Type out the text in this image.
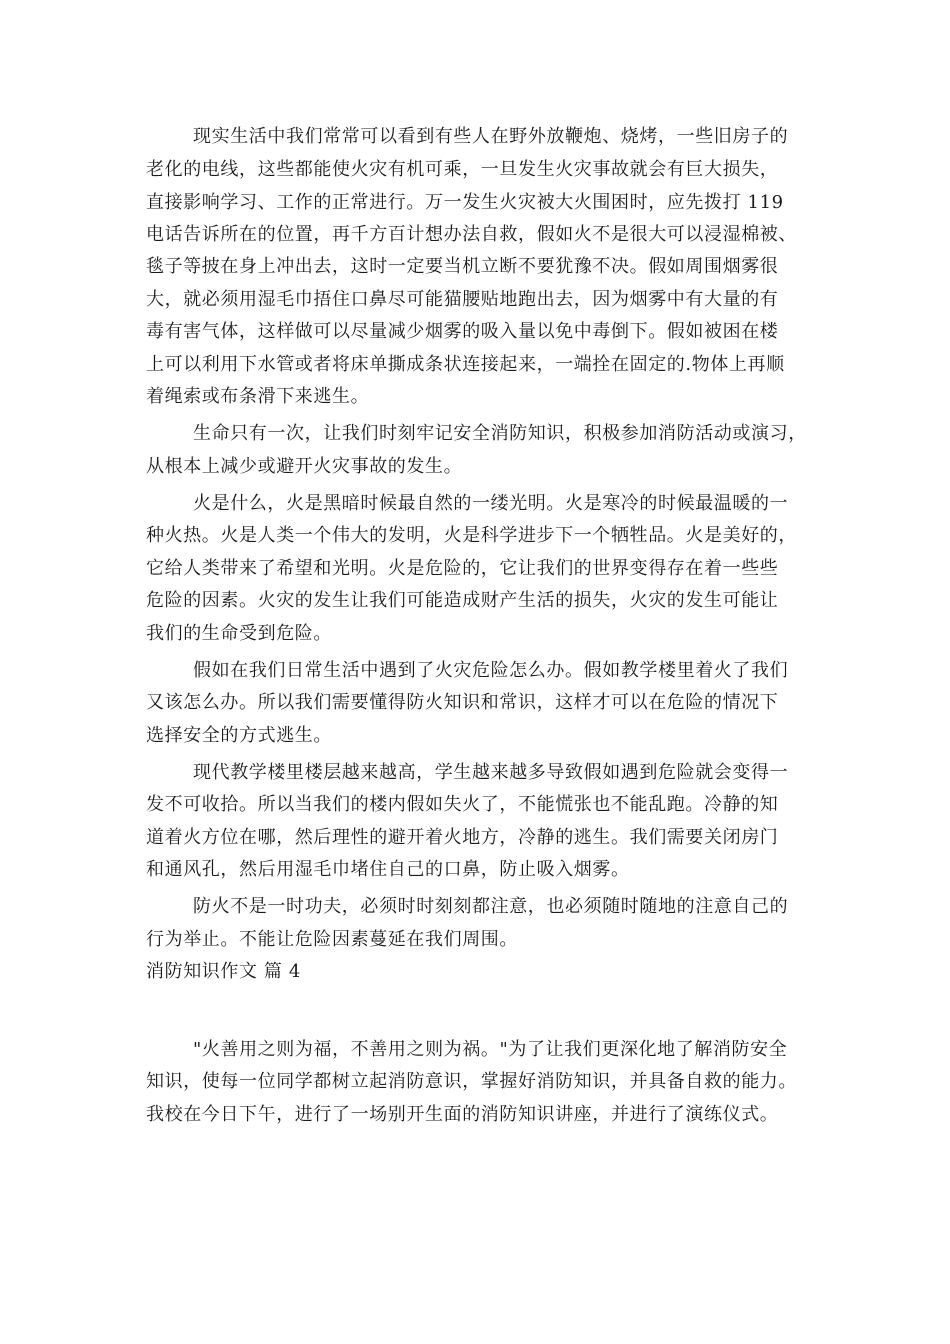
现实生活中我们常常可以看到有些人在野外放鞭炮、烧烤，一些旧房子的
老化的电线，这些都能使火灾有机可乘，一旦发生火灾事故就会有巨大损失，
直接影响学习、工作的正常进行。万一发生火灾被大火围困时，应先拨打 119
电话告诉所在的位置，再千方百计想办法自救，假如火不是很大可以浸湿棉被、
毯子等披在身上冲出去，这时一定要当机立断不要犹豫不决。假如周围烟雾很
大，就必须用湿毛巾捂住口鼻尽可能猫腰贴地跑出去，因为烟雾中有大量的有
毒有害气体，这样做可以尽量减少烟雾的吸入量以免中毒倒下。假如被困在楼
上可以利用下水管或者将床单撕成条状连接起来，一端拴在固定的.物体上再顺
着绳索或布条滑下来逃生。
生命只有一次，让我们时刻牢记安全消防知识，积极参加消防活动或演习，
从根本上减少或避开火灾事故的发生。
火是什么，火是黑暗时候最自然的一缕光明。火是寒冷的时候最温暖的一
种火热。火是人类一个伟大的发明，火是科学进步下一个牺牲品。火是美好的，
它给人类带来了希望和光明。火是危险的，它让我们的世界变得存在着一些些
危险的因素。火灾的发生让我们可能造成财产生活的损失，火灾的发生可能让
我们的生命受到危险。
假如在我们日常生活中遇到了火灾危险怎么办。假如教学楼里着火了我们
又该怎么办。所以我们需要懂得防火知识和常识，这样才可以在危险的情况下
选择安全的方式逃生。
现代教学楼里楼层越来越高，学生越来越多导致假如遇到危险就会变得一
发不可收拾。所以当我们的楼内假如失火了，不能慌张也不能乱跑。冷静的知
道着火方位在哪，然后理性的避开着火地方，冷静的逃生。我们需要关闭房门
和通风孔，然后用湿毛巾堵住自己的口鼻，防止吸入烟雾。
防火不是一时功夫，必须时时刻刻都注意，也必须随时随地的注意自己的
行为举止。不能让危险因素蔓延在我们周围。
消防知识作文 篇 4
"火善用之则为福，不善用之则为祸。"为了让我们更深化地了解消防安全
知识，使每一位同学都树立起消防意识，掌握好消防知识，并具备自救的能力。
我校在今日下午，进行了一场别开生面的消防知识讲座，并进行了演练仪式。
